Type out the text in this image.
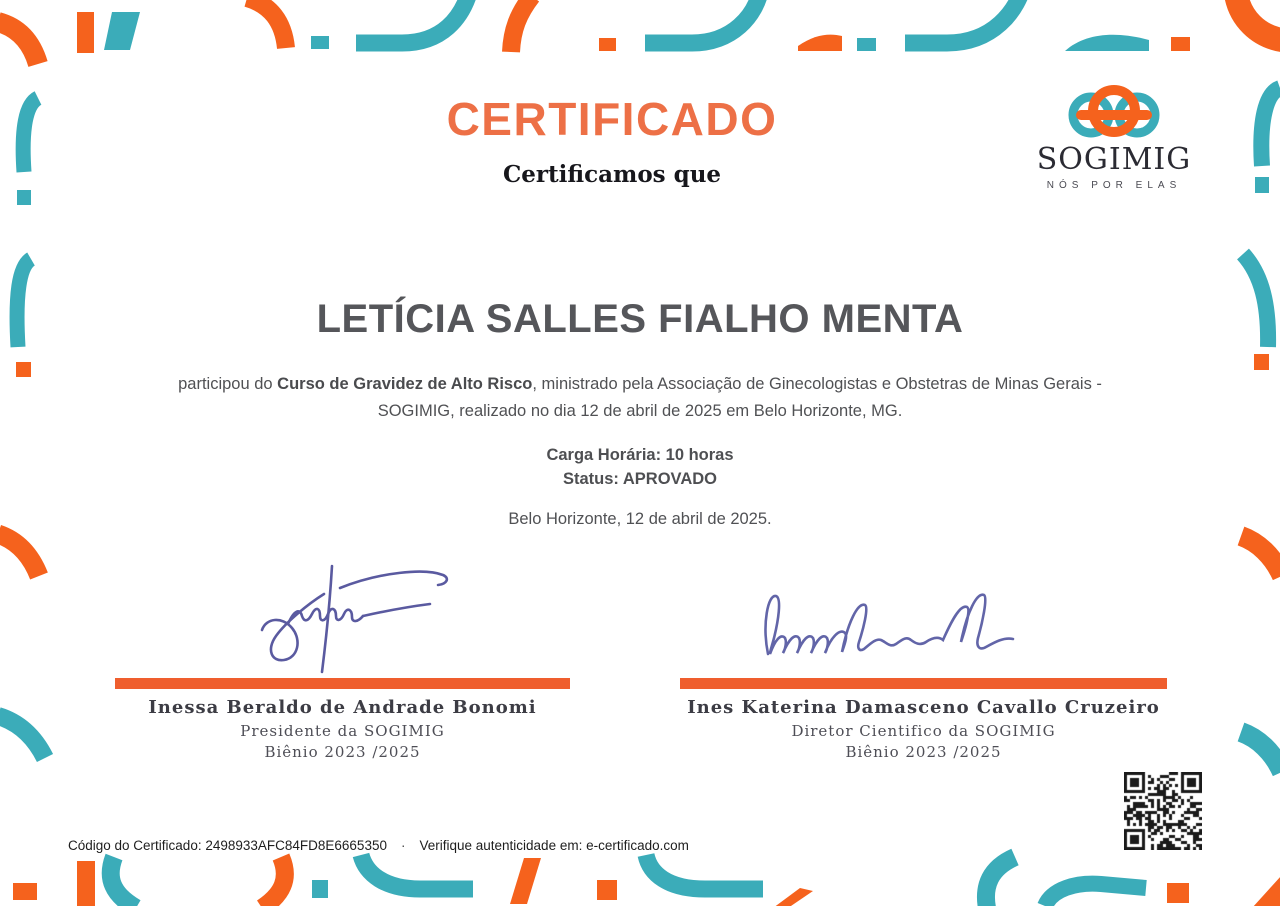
CERTIFICADO
Certificamos que	SOGIMIG
NÓS POR ELAS
LETÍCIA SALLES FIALHO MENTA
participou do Curso de Gravidez de Alto Risco, ministrado pela Associação de Ginecologistas e Obstetras de Minas Gerais - SOGIMIG, realizado no dia 12 de abril de 2025 em Belo Horizonte, MG.
Carga Horária: 10 horas
Status: APROVADO
Belo Horizonte, 12 de abril de 2025.
Inessa Beraldo de Andrade Bonomi
Presidente da SOGIMIG
Biênio 2023 /2025
Ines Katerina Damasceno Cavallo Cruzeiro
Diretor Cientifico da SOGIMIG
Biênio 2023 /2025
Código do Certificado: 2498933AFC84FD8E6665350 · Verifique autenticidade em: e-certificado.com
